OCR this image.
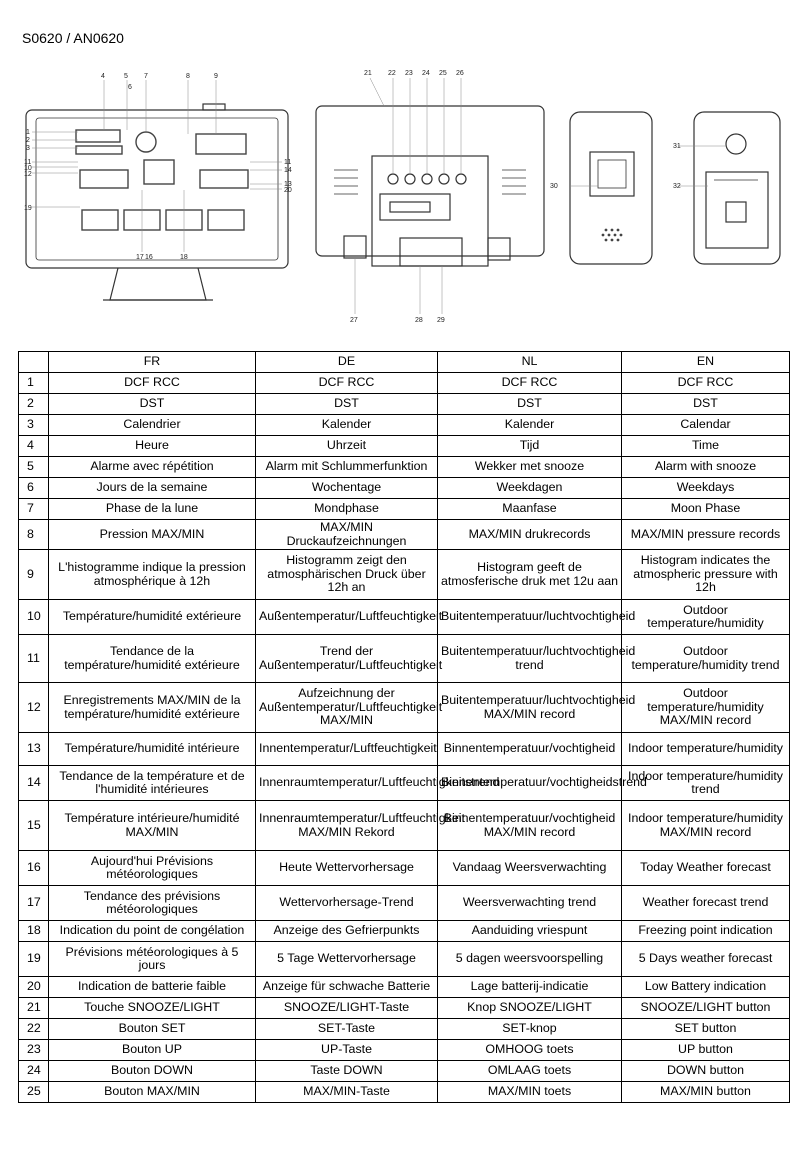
S0620 / AN0620
1
2
3
4	5
6
7	8	9
11
10
12
19
17 16	18
11
14
13
20
21 22 23 24 25 26
27	28 29
30
31
32
	FR	DE	NL	EN
1	DCF RCC	DCF RCC	DCF RCC	DCF RCC
2	DST	DST	DST	DST
3	Calendrier	Kalender	Kalender	Calendar
4	Heure	Uhrzeit	Tijd	Time
5	Alarme avec répétition	Alarm mit Schlummerfunktion	Wekker met snooze	Alarm with snooze
6	Jours de la semaine	Wochentage	Weekdagen	Weekdays
7	Phase de la lune	Mondphase	Maanfase	Moon Phase
8	Pression MAX/MIN	MAX/MIN Druckaufzeichnungen	MAX/MIN drukrecords	MAX/MIN pressure records
9	L'histogramme indique la pression atmosphérique à 12h	Histogramm zeigt den atmosphärischen Druck über 12h an	Histogram geeft de atmosferische druk met 12u aan	Histogram indicates the atmospheric pressure with 12h
10	Température/humidité extérieure	Außentemperatur/Luftfeuchtigkeit	Buitentemperatuur/luchtvochtigheid	Outdoor temperature/humidity
11	Tendance de la température/humidité extérieure	Trend der Außentemperatur/Luftfeuchtigkeit	Buitentemperatuur/luchtvochtigheid trend	Outdoor temperature/humidity trend
12	Enregistrements MAX/MIN de la température/humidité extérieure	Aufzeichnung der Außentemperatur/Luftfeuchtigkeit MAX/MIN	Buitentemperatuur/luchtvochtigheid MAX/MIN record	Outdoor temperature/humidity MAX/MIN record
13	Température/humidité intérieure	Innentemperatur/Luftfeuchtigkeit	Binnentemperatuur/vochtigheid	Indoor temperature/humidity
14	Tendance de la température et de l'humidité intérieures	Innenraumtemperatur/Luftfeuchtigkeitstrend	Binnentemperatuur/vochtigheidstrend	Indoor temperature/humidity trend
15	Température intérieure/humidité MAX/MIN	Innenraumtemperatur/Luftfeuchtigkeit MAX/MIN Rekord	Binnentemperatuur/vochtigheid MAX/MIN record	Indoor temperature/humidity MAX/MIN record
16	Aujourd'hui Prévisions météorologiques	Heute Wettervorhersage	Vandaag Weersverwachting	Today Weather forecast
17	Tendance des prévisions météorologiques	Wettervorhersage-Trend	Weersverwachting trend	Weather forecast trend
18	Indication du point de congélation	Anzeige des Gefrierpunkts	Aanduiding vriespunt	Freezing point indication
19	Prévisions météorologiques à 5 jours	5 Tage Wettervorhersage	5 dagen weersvoorspelling	5 Days weather forecast
20	Indication de batterie faible	Anzeige für schwache Batterie	Lage batterij-indicatie	Low Battery indication
21	Touche SNOOZE/LIGHT	SNOOZE/LIGHT-Taste	Knop SNOOZE/LIGHT	SNOOZE/LIGHT button
22	Bouton SET	SET-Taste	SET-knop	SET button
23	Bouton UP	UP-Taste	OMHOOG toets	UP button
24	Bouton DOWN	Taste DOWN	OMLAAG toets	DOWN button
25	Bouton MAX/MIN	MAX/MIN-Taste	MAX/MIN toets	MAX/MIN button
